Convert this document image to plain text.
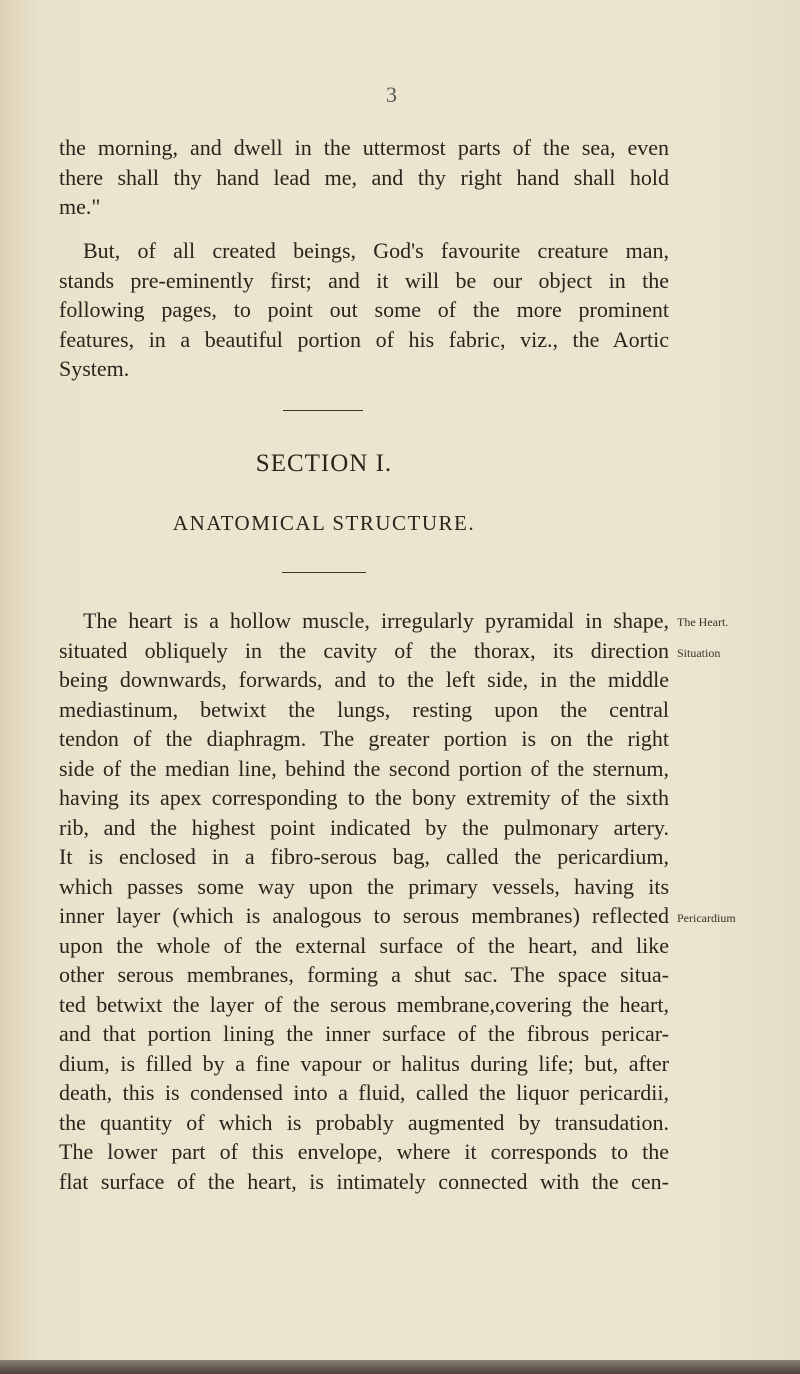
3

the morning, and dwell in the uttermost parts of the sea, even
there shall thy hand lead me, and thy right hand shall hold
me."

But, of all created beings, God's favourite creature man,
stands pre-eminently first; and it will be our object in the
following pages, to point out some of the more prominent
features, in a beautiful portion of his fabric, viz., the Aortic
System.

SECTION I.
ANATOMICAL STRUCTURE.

The heart is a hollow muscle, irregularly pyramidal in shape,
situated obliquely in the cavity of the thorax, its direction
being downwards, forwards, and to the left side, in the middle
mediastinum, betwixt the lungs, resting upon the central
tendon of the diaphragm. The greater portion is on the right
side of the median line, behind the second portion of the sternum,
having its apex corresponding to the bony extremity of the sixth
rib, and the highest point indicated by the pulmonary artery.
It is enclosed in a fibro-serous bag, called the pericardium,
which passes some way upon the primary vessels, having its
inner layer (which is analogous to serous membranes) reflected
upon the whole of the external surface of the heart, and like
other serous membranes, forming a shut sac. The space situa-
ted betwixt the layer of the serous membrane,covering the heart,
and that portion lining the inner surface of the fibrous pericar-
dium, is filled by a fine vapour or halitus during life; but, after
death, this is condensed into a fluid, called the liquor pericardii,
the quantity of which is probably augmented by transudation.
The lower part of this envelope, where it corresponds to the
flat surface of the heart, is intimately connected with the cen-

The Heart.
Situation
Pericardium
